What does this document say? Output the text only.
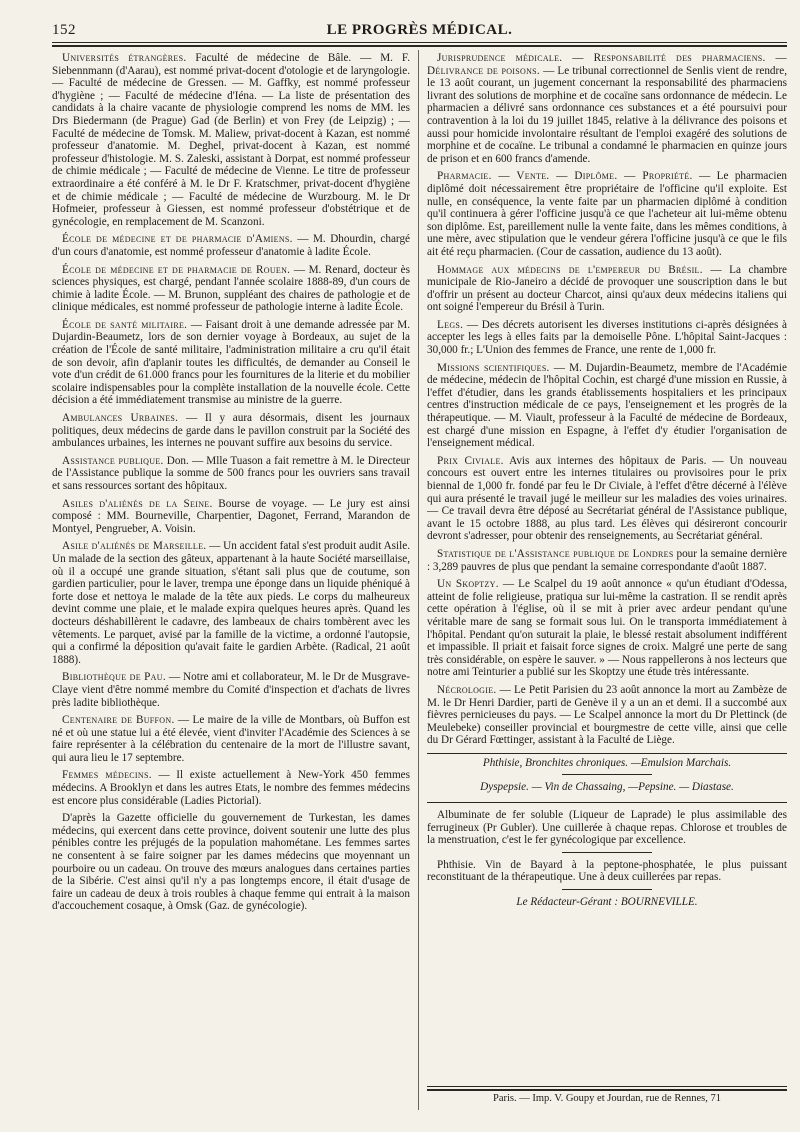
152	LE PROGRÈS MÉDICAL.

Universités étrangères. Faculté de médecine de Bâle. — M. F. Siebennmann (d'Aarau), est nommé privat-docent d'otologie et de laryngologie. — Faculté de médecine de Gressen. — M. Gaffky, est nommé professeur d'hygiène ; — Faculté de médecine d'Iéna. — La liste de présentation des candidats à la chaire vacante de physiologie comprend les noms de MM. les Drs Biedermann (de Prague) Gad (de Berlin) et von Frey (de Leipzig) ; — Faculté de médecine de Tomsk. M. Maliew, privat-docent à Kazan, est nommé professeur d'anatomie. M. Deghel, privat-docent à Kazan, est nommé professeur d'histologie. M. S. Zaleski, assistant à Dorpat, est nommé professeur de chimie médicale ; — Faculté de médecine de Vienne. Le titre de professeur extraordinaire a été conféré à M. le Dr F. Kratschmer, privat-docent d'hygiène et de chimie médicale ; — Faculté de médecine de Wurzbourg. M. le Dr Hofmeier, professeur à Giessen, est nommé professeur d'obstétrique et de gynécologie, en remplacement de M. Scanzoni.

École de médecine et de pharmacie d'Amiens. — M. Dhourdin, chargé d'un cours d'anatomie, est nommé professeur d'anatomie à ladite École.

École de médecine et de pharmacie de Rouen. — M. Renard, docteur ès sciences physiques, est chargé, pendant l'année scolaire 1888-89, d'un cours de chimie à ladite École. — M. Brunon, suppléant des chaires de pathologie et de clinique médicales, est nommé professeur de pathologie interne à ladite École.

École de santé militaire. — Faisant droit à une demande adressée par M. Dujardin-Beaumetz, lors de son dernier voyage à Bordeaux, au sujet de la création de l'École de santé militaire, l'administration militaire a cru qu'il était de son devoir, afin d'aplanir toutes les difficultés, de demander au Conseil le vote d'un crédit de 61.000 francs pour les fournitures de la literie et du mobilier scolaire indispensables pour la complète installation de la nouvelle école. Cette décision a été immédiatement transmise au ministre de la guerre.

Ambulances Urbaines. — Il y aura désormais, disent les journaux politiques, deux médecins de garde dans le pavillon construit par la Société des ambulances urbaines, les internes ne pouvant suffire aux besoins du service.

Assistance publique. Don. — Mlle Tuason a fait remettre à M. le Directeur de l'Assistance publique la somme de 500 francs pour les ouvriers sans travail et sans ressources sortant des hôpitaux.

Asiles d'aliénés de la Seine. Bourse de voyage. — Le jury est ainsi composé : MM. Bourneville, Charpentier, Dagonet, Ferrand, Marandon de Montyel, Pengrueber, A. Voisin.

Asile d'aliénés de Marseille. — Un accident fatal s'est produit audit Asile. Un malade de la section des gâteux, appartenant à la haute Société marseillaise, où il a occupé une grande situation, s'étant sali plus que de coutume, son gardien particulier, pour le laver, trempa une éponge dans un liquide phéniqué à forte dose et nettoya le malade de la tête aux pieds. Le corps du malheureux devint comme une plaie, et le malade expira quelques heures après. Quand les docteurs déshabillèrent le cadavre, des lambeaux de chairs tombèrent avec les vêtements. Le parquet, avisé par la famille de la victime, a ordonné l'autopsie, qui a confirmé la déposition qu'avait faite le gardien Arbète. (Radical, 21 août 1888).

Bibliothèque de Pau. — Notre ami et collaborateur, M. le Dr de Musgrave-Claye vient d'être nommé membre du Comité d'inspection et d'achats de livres près ladite bibliothèque.

Centenaire de Buffon. — Le maire de la ville de Montbars, où Buffon est né et où une statue lui a été élevée, vient d'inviter l'Académie des Sciences à se faire représenter à la célébration du centenaire de la mort de l'illustre savant, qui aura lieu le 17 septembre.

Femmes médecins. — Il existe actuellement à New-York 450 femmes médecins. A Brooklyn et dans les autres Etats, le nombre des femmes médecins est encore plus considérable (Ladies Pictorial).

D'après la Gazette officielle du gouvernement de Turkestan, les dames médecins, qui exercent dans cette province, doivent soutenir une lutte des plus pénibles contre les préjugés de la population mahométane. Les femmes sartes ne consentent à se faire soigner par les dames médecins que moyennant un pourboire ou un cadeau. On trouve des mœurs analogues dans certaines parties de la Sibérie. C'est ainsi qu'il n'y a pas longtemps encore, il était d'usage de faire un cadeau de deux à trois roubles à chaque femme qui entrait à la maison d'accouchement cosaque, à Omsk (Gaz. de gynécologie).

Jurisprudence médicale. — Responsabilité des pharmaciens. — Délivrance de poisons. — Le tribunal correctionnel de Senlis vient de rendre, le 13 août courant, un jugement concernant la responsabilité des pharmaciens livrant des solutions de morphine et de cocaïne sans ordonnance de médecin. Le pharmacien a délivré sans ordonnance ces substances et a été poursuivi pour contravention à la loi du 19 juillet 1845, relative à la délivrance des poisons et aussi pour homicide involontaire résultant de l'emploi exagéré des solutions de morphine et de cocaïne. Le tribunal a condamné le pharmacien en quinze jours de prison et en 600 francs d'amende.

Pharmacie. — Vente. — Diplôme. — Propriété. — Le pharmacien diplômé doit nécessairement être propriétaire de l'officine qu'il exploite. Est nulle, en conséquence, la vente faite par un pharmacien diplômé à condition qu'il continuera à gérer l'officine jusqu'à ce que l'acheteur ait lui-même obtenu son diplôme. Est, pareillement nulle la vente faite, dans les mêmes conditions, à une mère, avec stipulation que le vendeur gérera l'officine jusqu'à ce que le fils ait été reçu pharmacien. (Cour de cassation, audience du 13 août).

Hommage aux médecins de l'empereur du Brésil. — La chambre municipale de Rio-Janeiro a décidé de provoquer une souscription dans le but d'offrir un présent au docteur Charcot, ainsi qu'aux deux médecins italiens qui ont soigné l'empereur du Brésil à Turin.

Legs. — Des décrets autorisent les diverses institutions ci-après désignées à accepter les legs à elles faits par la demoiselle Pône. L'hôpital Saint-Jacques : 30,000 fr.; L'Union des femmes de France, une rente de 1,000 fr.

Missions scientifiques. — M. Dujardin-Beaumetz, membre de l'Académie de médecine, médecin de l'hôpital Cochin, est chargé d'une mission en Russie, à l'effet d'étudier, dans les grands établissements hospitaliers et les principaux centres d'instruction médicale de ce pays, l'enseignement et les progrès de la thérapeutique. — M. Viault, professeur à la Faculté de médecine de Bordeaux, est chargé d'une mission en Espagne, à l'effet d'y étudier l'organisation de l'enseignement médical.

Prix Civiale. Avis aux internes des hôpitaux de Paris. — Un nouveau concours est ouvert entre les internes titulaires ou provisoires pour le prix biennal de 1,000 fr. fondé par feu le Dr Civiale, à l'effet d'être décerné à l'élève qui aura présenté le travail jugé le meilleur sur les maladies des voies urinaires. — Ce travail devra être déposé au Secrétariat général de l'Assistance publique, avant le 15 octobre 1888, au plus tard. Les élèves qui désireront concourir devront s'adresser, pour obtenir des renseignements, au Secrétariat général.

Statistique de l'Assistance publique de Londres pour la semaine dernière : 3,289 pauvres de plus que pendant la semaine correspondante d'août 1887.

Un Skoptzy. — Le Scalpel du 19 août annonce « qu'un étudiant d'Odessa, atteint de folie religieuse, pratiqua sur lui-même la castration. Il se rendit après cette opération à l'église, où il se mit à prier avec ardeur pendant qu'une véritable mare de sang se formait sous lui. On le transporta immédiatement à l'hôpital. Pendant qu'on suturait la plaie, le blessé restait absolument indifférent et impassible. Il priait et faisait force signes de croix. Malgré une perte de sang très considérable, on espère le sauver. » — Nous rappellerons à nos lecteurs que notre ami Teinturier a publié sur les Skoptzy une étude très intéressante.

Nécrologie. — Le Petit Parisien du 23 août annonce la mort au Zambèze de M. le Dr Henri Dardier, parti de Genève il y a un an et demi. Il a succombé aux fièvres pernicieuses du pays. — Le Scalpel annonce la mort du Dr Plettinck (de Meulebeke) conseiller provincial et bourgmestre de cette ville, ainsi que celle du Dr Gérard Fœttinger, assistant à la Faculté de Liège.

Phthisie, Bronchites chroniques. —Emulsion Marchais.

Dyspepsie. — Vin de Chassaing, —Pepsine. — Diastase.

Albuminate de fer soluble (Liqueur de Laprade) le plus assimilable des ferrugineux (Pr Gubler). Une cuillerée à chaque repas. Chlorose et troubles de la menstruation, c'est le fer gynécologique par excellence.

Phthisie. Vin de Bayard à la peptone-phosphatée, le plus puissant reconstituant de la thérapeutique. Une à deux cuillerées par repas.

Le Rédacteur-Gérant : BOURNEVILLE.

Paris. — Imp. V. Goupy et Jourdan, rue de Rennes, 71
